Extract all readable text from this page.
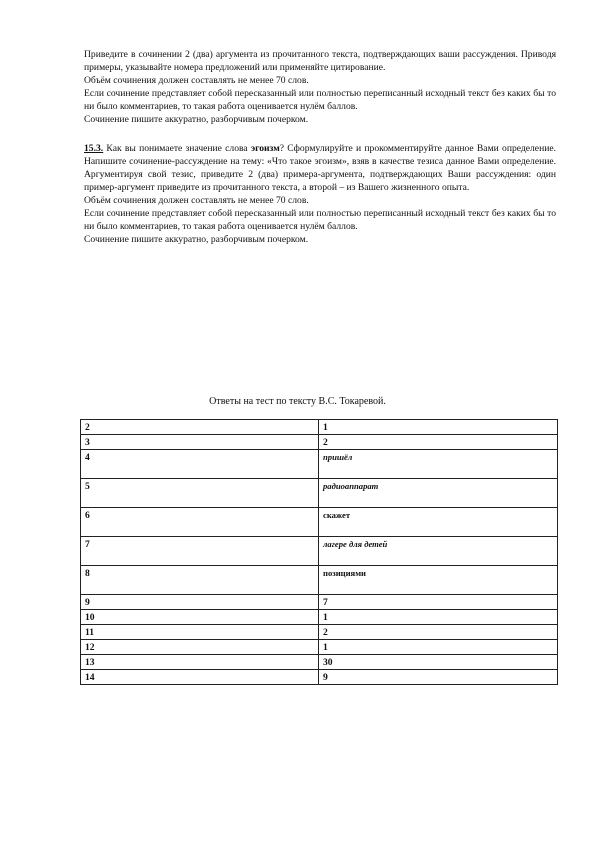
Приведите в сочинении 2 (два) аргумента из прочитанного текста, подтверждающих ваши рассуждения. Приводя примеры, указывайте номера предложений или применяйте цитирование.

Объём сочинения должен составлять не менее 70 слов.

Если сочинение представляет собой пересказанный или полностью переписанный исходный текст без каких бы то ни было комментариев, то такая работа оценивается нулём баллов.

Сочинение пишите аккуратно, разборчивым почерком.

15.3. Как вы понимаете значение слова эгоизм? Сформулируйте и прокомментируйте данное Вами определение. Напишите сочинение-рассуждение на тему: «Что такое эгоизм», взяв в качестве тезиса данное Вами определение. Аргументируя свой тезис, приведите 2 (два) примера-аргумента, подтверждающих Ваши рассуждения: один пример-аргумент приведите из прочитанного текста, а второй – из Вашего жизненного опыта.

Объём сочинения должен составлять не менее 70 слов.

Если сочинение представляет собой пересказанный или полностью переписанный исходный текст без каких бы то ни было комментариев, то такая работа оценивается нулём баллов.

Сочинение пишите аккуратно, разборчивым почерком.

Ответы на тест по тексту В.С. Токаревой.
2	1
3	2
4	пришёл
5	радиоаппарат
6	скажет
7	лагере для детей
8	позициями
9	7
10	1
11	2
12	1
13	30
14	9
